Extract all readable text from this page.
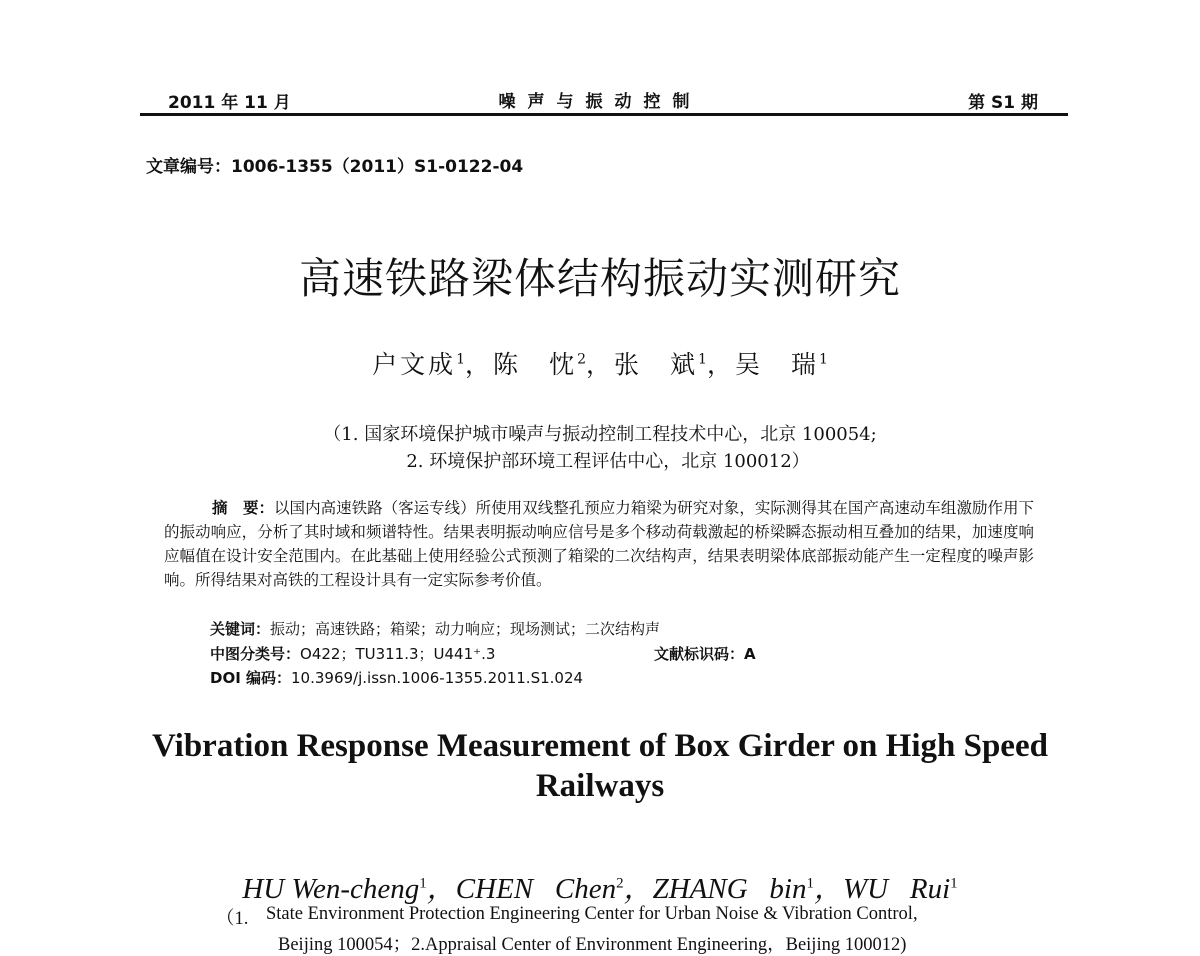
2011 年 11 月	噪声与振动控制	第 S1 期
文章编号：1006-1355（2011）S1-0122-04
高速铁路梁体结构振动实测研究
户文成$^1$，陈　忱$^2$，张　斌$^1$，吴　瑞$^1$
（1. 国家环境保护城市噪声与振动控制工程技术中心，北京 100054;
2. 环境保护部环境工程评估中心，北京 100012）
摘　要：以国内高速铁路（客运专线）所使用双线整孔预应力箱梁为研究对象，实际测得其在国产高速动车组激励作用下的振动响应，分析了其时域和频谱特性。结果表明振动响应信号是多个移动荷载激起的桥梁瞬态振动相互叠加的结果，加速度响应幅值在设计安全范围内。在此基础上使用经验公式预测了箱梁的二次结构声，结果表明梁体底部振动能产生一定程度的噪声影响。所得结果对高铁的工程设计具有一定实际参考价值。
关键词：振动；高速铁路；箱梁；动力响应；现场测试；二次结构声
中图分类号：O422；TU311.3；U441⁺.3	文献标识码：A
DOI 编码：10.3969/j.issn.1006-1355.2011.S1.024
Vibration Response Measurement of Box Girder on High Speed
Railways
HU Wen-cheng$^1$，CHEN   Chen$^2$，ZHANG   bin$^1$，WU   Rui$^1$
（1. State Environment Protection Engineering Center for Urban Noise & Vibration Control,
Beijing 100054；2.Appraisal Center of Environment Engineering，Beijing 100012)
